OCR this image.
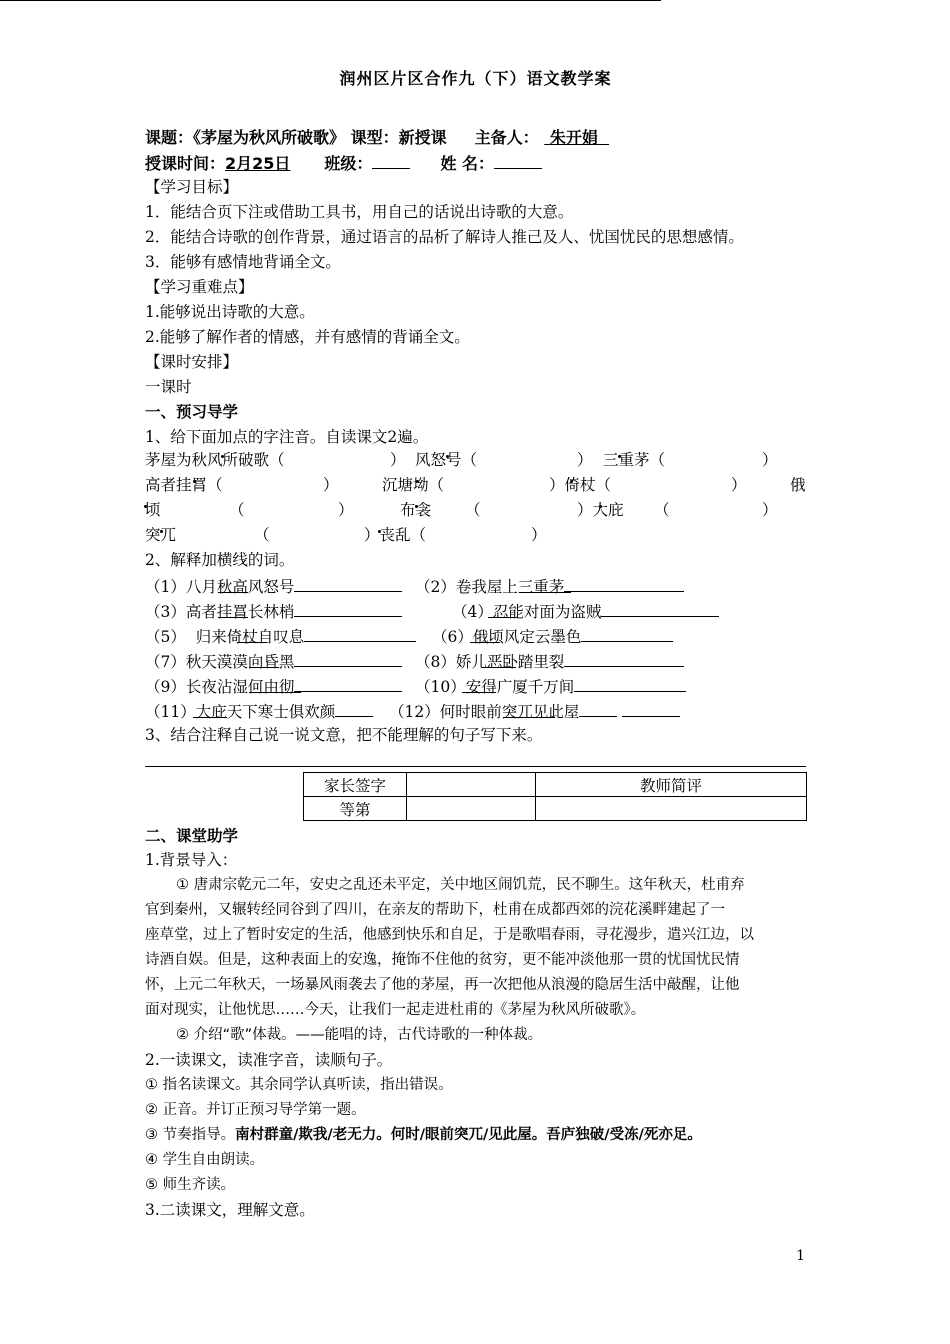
润州区片区合作九（下）语文教学案
课题：《茅屋为秋风所破歌》 课型：新授课 主备人： 朱开娟
授课时间：2月25日 班级：	姓 名：
【学习目标】
1．能结合页下注或借助工具书，用自己的话说出诗歌的大意。
2．能结合诗歌的创作背景，通过语言的品析了解诗人推己及人、忧国忧民的思想感情。
3．能够有感情地背诵全文。
【学习重难点】
1.能够说出诗歌的大意。
2.能够了解作者的情感，并有感情的背诵全文。
【课时安排】
一课时
一、预习导学
1、给下面加点的字注音。自读课文2遍。
茅屋为秋风所破歌（	） 风怒号（	） 三重茅（	）
高者挂罥（	）	沉塘坳（	）倚杖（	）	俄
顷	（	）	布衾 （	）大庇 （	）
突兀	（	）丧乱（	）
2、解释加横线的词。
（1）八月秋高风怒号	（2）卷我屋上三重茅
（3）高者挂罥长林梢	（4）忍能对面为盗贼
（5）  归来倚杖自叹息	（6）俄顷风定云墨色
（7）秋天漠漠向昏黑	（8）娇儿恶卧踏里裂
（9）长夜沾湿何由彻	（10）安得广厦千万间
（11）大庇天下寒士俱欢颜	（12）何时眼前突兀见此屋
3、结合注释自己说一说文意，把不能理解的句子写下来。
家长签字		教师简评
等第		
二、课堂助学
1.背景导入：
① 唐肃宗乾元二年，安史之乱还未平定，关中地区闹饥荒，民不聊生。这年秋天，杜甫弃
官到秦州，又辗转经同谷到了四川，在亲友的帮助下，杜甫在成都西郊的浣花溪畔建起了一
座草堂，过上了暂时安定的生活，他感到快乐和自足，于是歌唱春雨，寻花漫步，遣兴江边，以
诗酒自娱。但是，这种表面上的安逸，掩饰不住他的贫穷，更不能冲淡他那一贯的忧国忧民情
怀，上元二年秋天，一场暴风雨袭去了他的茅屋，再一次把他从浪漫的隐居生活中敲醒，让他
面对现实，让他忧思……今天，让我们一起走进杜甫的《茅屋为秋风所破歌》。
② 介绍“歌”体裁。——能唱的诗，古代诗歌的一种体裁。
2.一读课文，读准字音，读顺句子。
① 指名读课文。其余同学认真听读，指出错误。
② 正音。并订正预习导学第一题。
③ 节奏指导。南村群童/欺我/老无力。何时/眼前突兀/见此屋。吾庐独破/受冻/死亦足。
④ 学生自由朗读。
⑤ 师生齐读。
3.二读课文，理解文意。
1
